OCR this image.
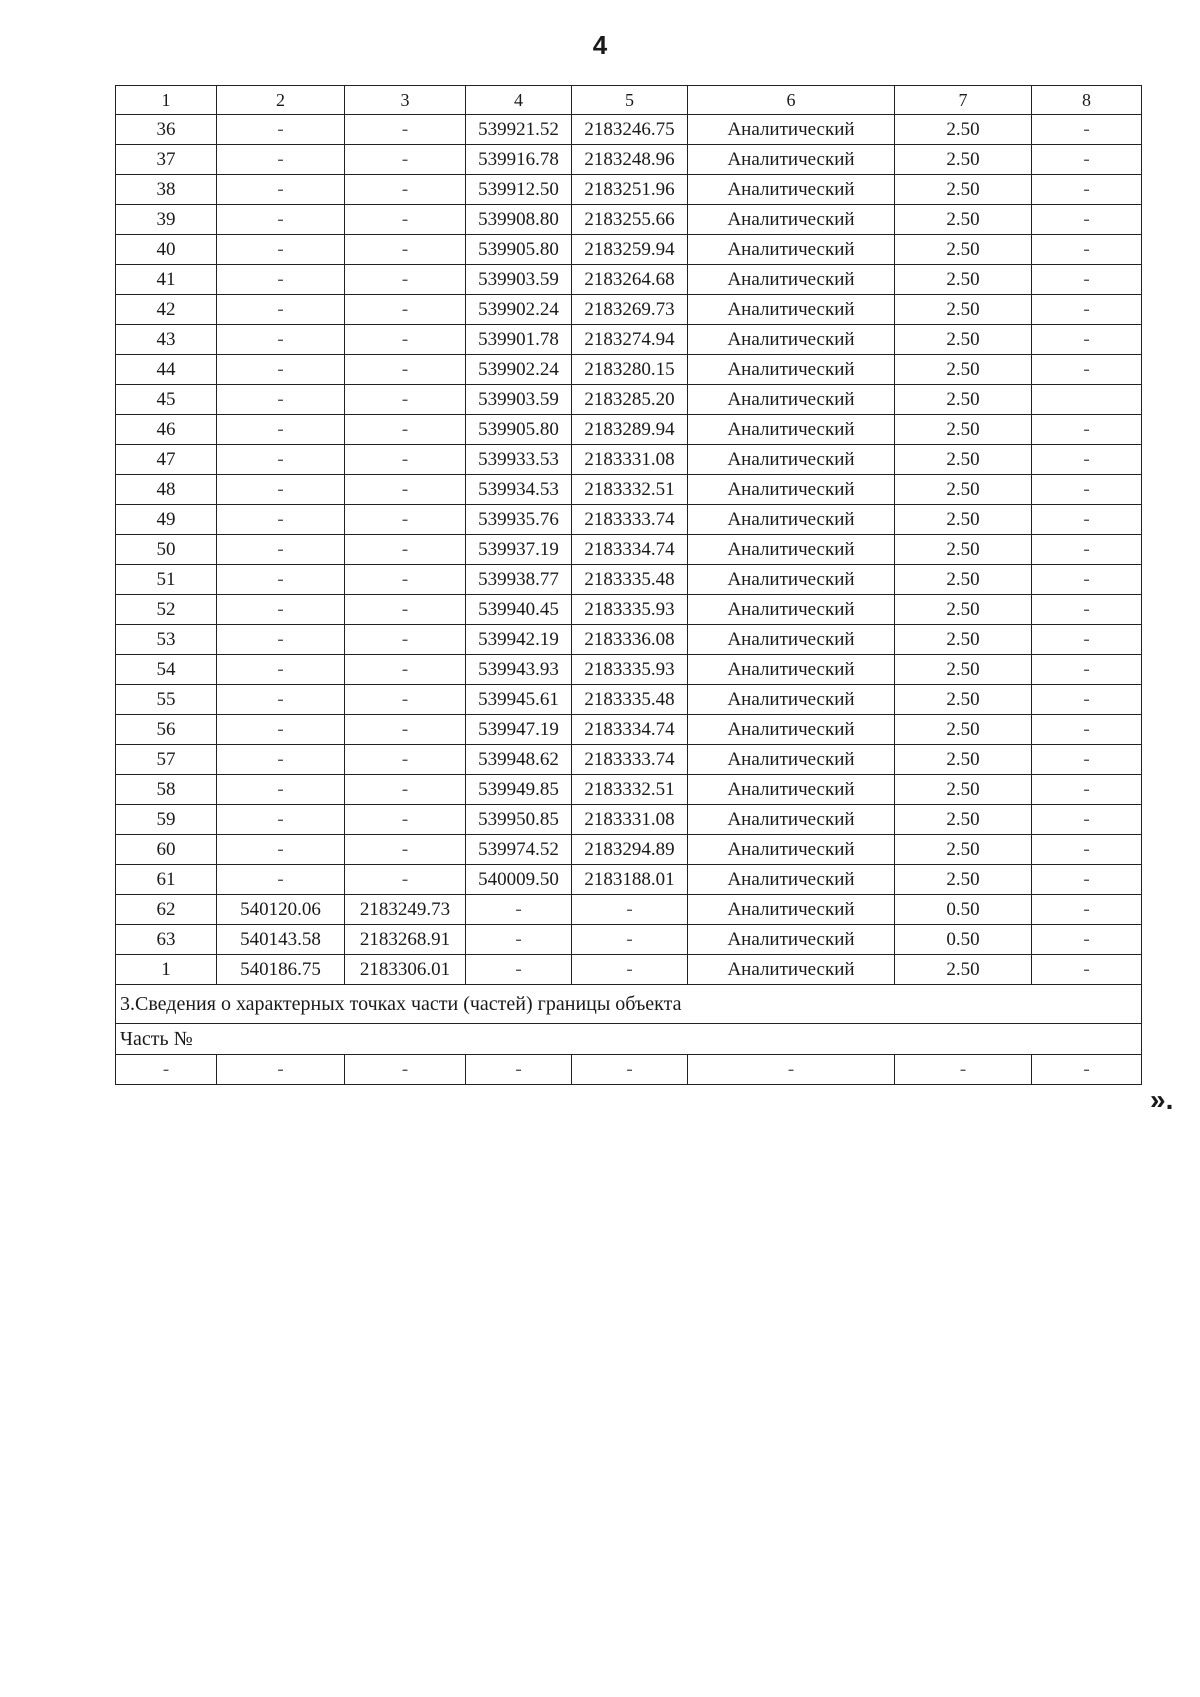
4
1	2	3	4	5	6	7	8
36	-	-	539921.52	2183246.75	Аналитический	2.50	-
37	-	-	539916.78	2183248.96	Аналитический	2.50	-
38	-	-	539912.50	2183251.96	Аналитический	2.50	-
39	-	-	539908.80	2183255.66	Аналитический	2.50	-
40	-	-	539905.80	2183259.94	Аналитический	2.50	-
41	-	-	539903.59	2183264.68	Аналитический	2.50	-
42	-	-	539902.24	2183269.73	Аналитический	2.50	-
43	-	-	539901.78	2183274.94	Аналитический	2.50	-
44	-	-	539902.24	2183280.15	Аналитический	2.50	-
45	-	-	539903.59	2183285.20	Аналитический	2.50	
46	-	-	539905.80	2183289.94	Аналитический	2.50	-
47	-	-	539933.53	2183331.08	Аналитический	2.50	-
48	-	-	539934.53	2183332.51	Аналитический	2.50	-
49	-	-	539935.76	2183333.74	Аналитический	2.50	-
50	-	-	539937.19	2183334.74	Аналитический	2.50	-
51	-	-	539938.77	2183335.48	Аналитический	2.50	-
52	-	-	539940.45	2183335.93	Аналитический	2.50	-
53	-	-	539942.19	2183336.08	Аналитический	2.50	-
54	-	-	539943.93	2183335.93	Аналитический	2.50	-
55	-	-	539945.61	2183335.48	Аналитический	2.50	-
56	-	-	539947.19	2183334.74	Аналитический	2.50	-
57	-	-	539948.62	2183333.74	Аналитический	2.50	-
58	-	-	539949.85	2183332.51	Аналитический	2.50	-
59	-	-	539950.85	2183331.08	Аналитический	2.50	-
60	-	-	539974.52	2183294.89	Аналитический	2.50	-
61	-	-	540009.50	2183188.01	Аналитический	2.50	-
62	540120.06	2183249.73	-	-	Аналитический	0.50	-
63	540143.58	2183268.91	-	-	Аналитический	0.50	-
1	540186.75	2183306.01	-	-	Аналитический	2.50	-
3.Сведения о характерных точках части (частей) границы объекта							
Часть №							
-	-	-	-	-	-	-	-
».
